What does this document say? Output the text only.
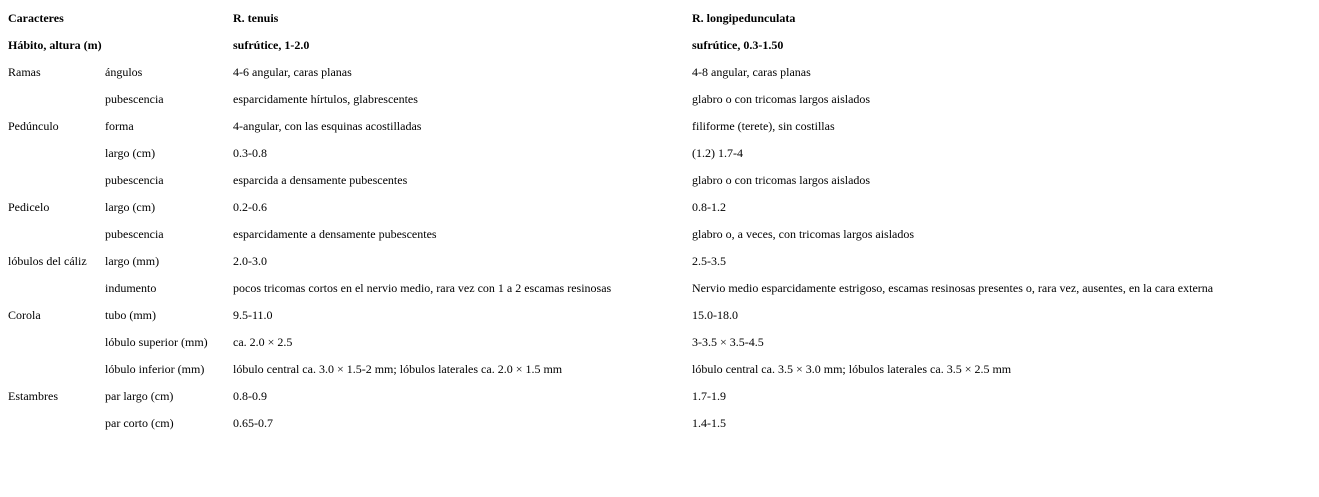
Caracteres		R. tenuis	R. longipedunculata
Hábito, altura (m)		sufrútice, 1-2.0	sufrútice, 0.3-1.50
Ramas	ángulos	4-6 angular, caras planas	4-8 angular, caras planas
	pubescencia	esparcidamente hírtulos, glabrescentes	glabro o con tricomas largos aislados
Pedúnculo	forma	4-angular, con las esquinas acostilladas	filiforme (terete), sin costillas
	largo (cm)	0.3-0.8	(1.2) 1.7-4
	pubescencia	esparcida a densamente pubescentes	glabro o con tricomas largos aislados
Pedicelo	largo (cm)	0.2-0.6	0.8-1.2
	pubescencia	esparcidamente a densamente pubescentes	glabro o, a veces, con tricomas largos aislados
lóbulos del cáliz	largo (mm)	2.0-3.0	2.5-3.5
	indumento	pocos tricomas cortos en el nervio medio, rara vez con 1 a 2 escamas resinosas	Nervio medio esparcidamente estrigoso, escamas resinosas presentes o, rara vez, ausentes, en la cara externa
Corola	tubo (mm)	9.5-11.0	15.0-18.0
	lóbulo superior (mm)	ca. 2.0 × 2.5	3-3.5 × 3.5-4.5
	lóbulo inferior (mm)	lóbulo central ca. 3.0 × 1.5-2 mm; lóbulos laterales ca. 2.0 × 1.5 mm	lóbulo central ca. 3.5 × 3.0 mm; lóbulos laterales ca. 3.5 × 2.5 mm
Estambres	par largo (cm)	0.8-0.9	1.7-1.9
	par corto (cm)	0.65-0.7	1.4-1.5
